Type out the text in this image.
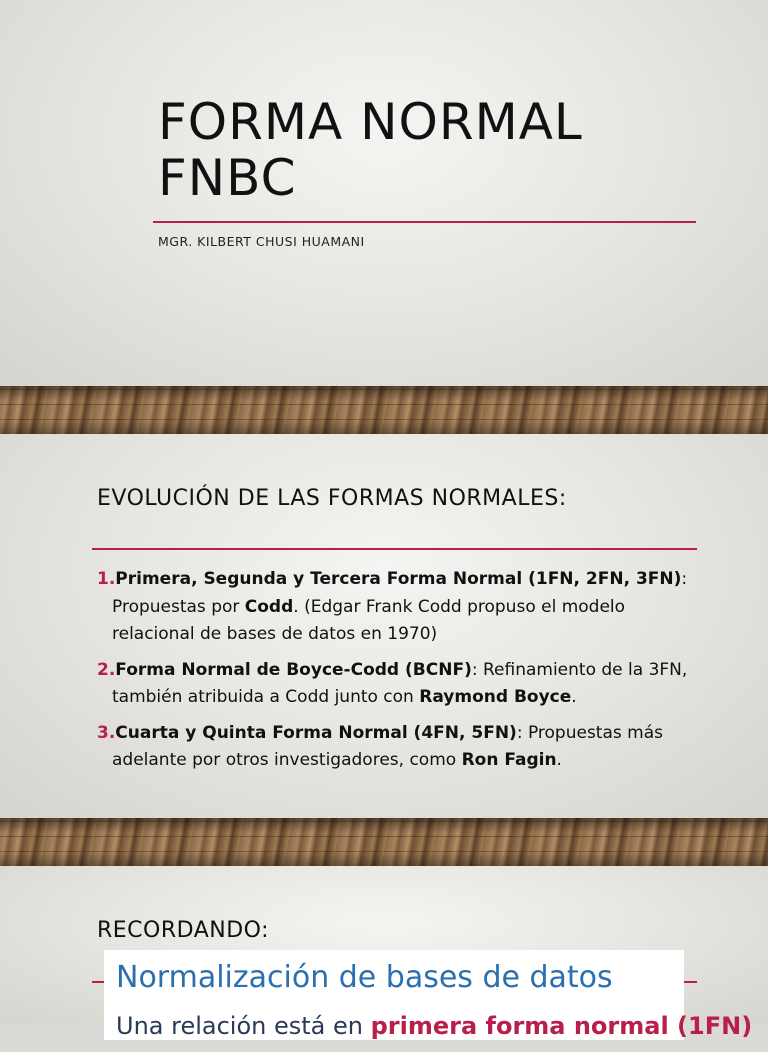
FORMA NORMAL
FNBC
MGR. KILBERT CHUSI HUAMANI
EVOLUCIÓN DE LAS FORMAS NORMALES:
1.Primera, Segunda y Tercera Forma Normal (1FN, 2FN, 3FN): Propuestas por Codd. (Edgar Frank Codd propuso el modelo relacional de bases de datos en 1970)
2.Forma Normal de Boyce-Codd (BCNF): Refinamiento de la 3FN, también atribuida a Codd junto con Raymond Boyce.
3.Cuarta y Quinta Forma Normal (4FN, 5FN): Propuestas más adelante por otros investigadores, como Ron Fagin.
RECORDANDO:
Normalización de bases de datos
Una relación está en primera forma normal (1FN)
